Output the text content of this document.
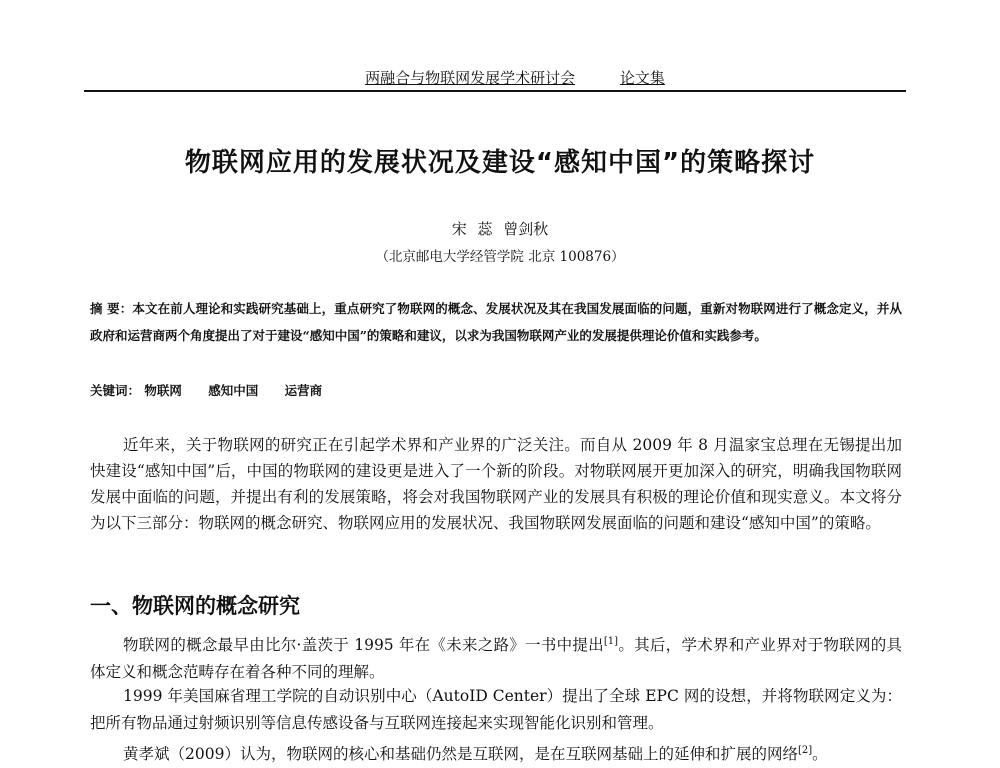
两融合与物联网发展学术研讨会	论文集
物联网应用的发展状况及建设“感知中国”的策略探讨
宋 蕊 曾剑秋
（北京邮电大学经管学院 北京 100876）
摘 要：本文在前人理论和实践研究基础上，重点研究了物联网的概念、发展状况及其在我国发展面临的问题，重新对物联网进行了概念定义，并从政府和运营商两个角度提出了对于建设“感知中国”的策略和建议，以求为我国物联网产业的发展提供理论价值和实践参考。
关键词： 物联网 感知中国 运营商

近年来，关于物联网的研究正在引起学术界和产业界的广泛关注。而自从 2009 年 8 月温家宝总理在无锡提出加快建设“感知中国”后，中国的物联网的建设更是进入了一个新的阶段。对物联网展开更加深入的研究，明确我国物联网发展中面临的问题，并提出有利的发展策略，将会对我国物联网产业的发展具有积极的理论价值和现实意义。本文将分为以下三部分：物联网的概念研究、物联网应用的发展状况、我国物联网发展面临的问题和建设“感知中国”的策略。

一、物联网的概念研究

物联网的概念最早由比尔·盖茨于 1995 年在《未来之路》一书中提出[1]。其后，学术界和产业界对于物联网的具体定义和概念范畴存在着各种不同的理解。

1999 年美国麻省理工学院的自动识别中心（AutoID Center）提出了全球 EPC 网的设想，并将物联网定义为：把所有物品通过射频识别等信息传感设备与互联网连接起来实现智能化识别和管理。

黄孝斌（2009）认为，物联网的核心和基础仍然是互联网，是在互联网基础上的延伸和扩展的网络[2]。
